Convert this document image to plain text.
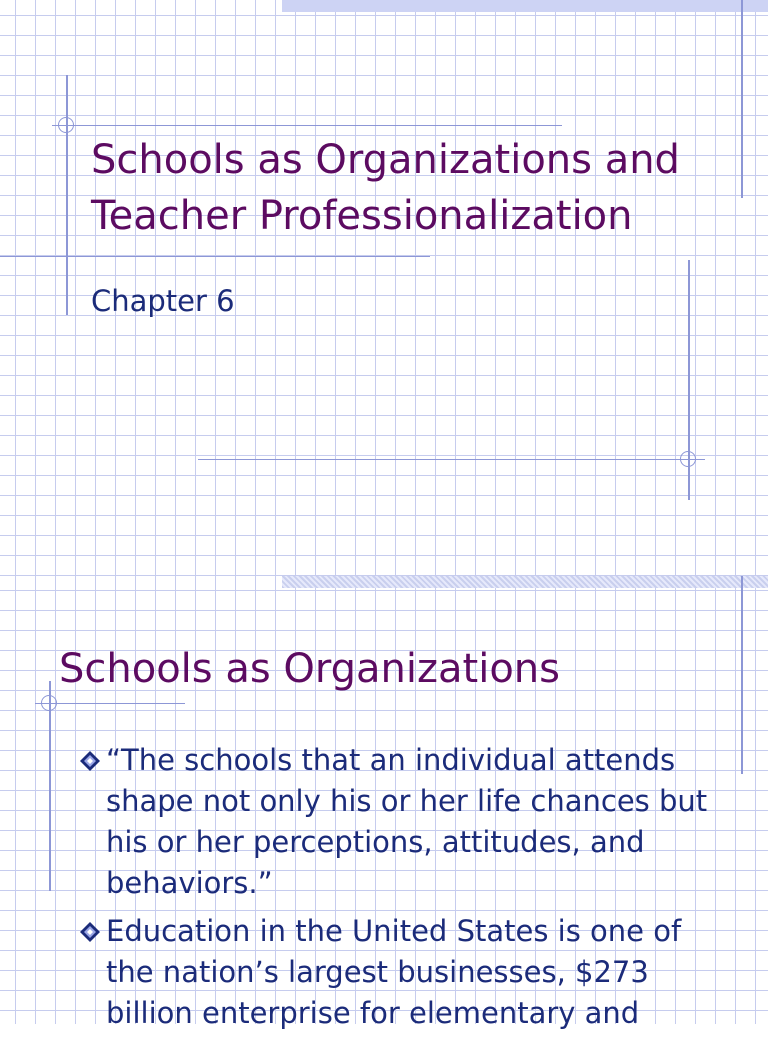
Schools as Organizations and Teacher Professionalization
Chapter 6
Schools as Organizations
“The schools that an individual attends shape not only his or her life chances but his or her perceptions, attitudes, and behaviors.”
Education in the United States is one of the nation’s largest businesses, $273 billion enterprise for elementary and
